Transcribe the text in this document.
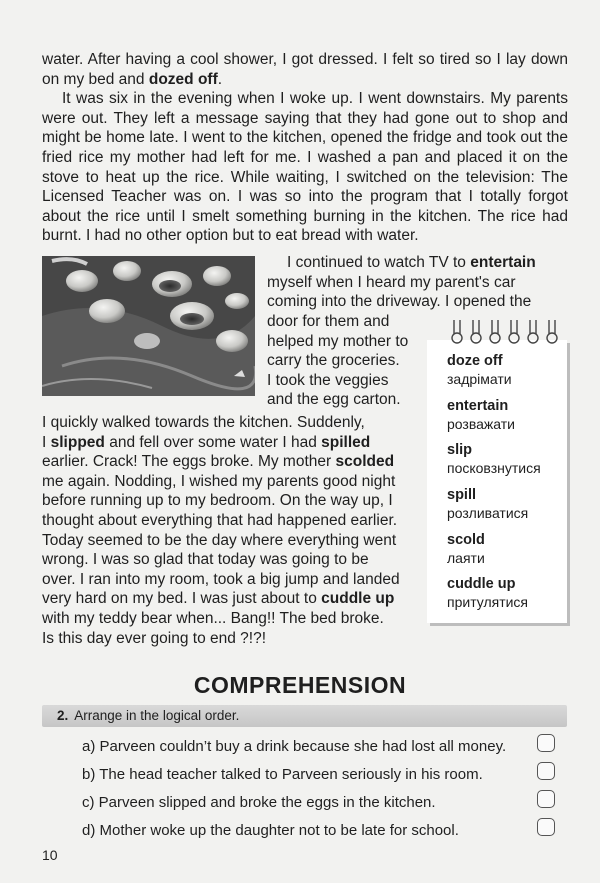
water. After having a cool shower, I got dressed. I felt so tired so I lay down on my bed and dozed off.

It was six in the evening when I woke up. I went downstairs. My parents were out. They left a message saying that they had gone out to shop and might be home late. I went to the kitchen, opened the fridge and took out the fried rice my mother had left for me. I washed a pan and placed it on the stove to heat up the rice. While waiting, I switched on the television: The Licensed Teacher was on. I was so into the program that I totally forgot about the rice until I smelt something burning in the kitchen. The rice had burnt. I had no other option but to eat bread with water.

I continued to watch TV to entertain
myself when I heard my parent's car
coming into the driveway. I opened the
door for them and
helped my mother to
carry the groceries.
I took the veggies
and the egg carton.
I quickly walked towards the kitchen. Suddenly,
I slipped and fell over some water I had spilled
earlier. Crack! The eggs broke. My mother scolded
me again. Nodding, I wished my parents good night
before running up to my bedroom. On the way up, I
thought about everything that had happened earlier.
Today seemed to be the day where everything went
wrong. I was so glad that today was going to be
over. I ran into my room, took a big jump and landed
very hard on my bed. I was just about to cuddle up
with my teddy bear when... Bang!! The bed broke.
Is this day ever going to end ?!?!
doze off
задрімати
entertain
розважати
slip
посковзнутися
spill
розливатися
scold
лаяти
cuddle up
притулятися
COMPREHENSION
2. Arrange in the logical order.
a) Parveen couldn’t buy a drink because she had lost all money.
b) The head teacher talked to Parveen seriously in his room.
c) Parveen slipped and broke the eggs in the kitchen.
d) Mother woke up the daughter not to be late for school.
10
